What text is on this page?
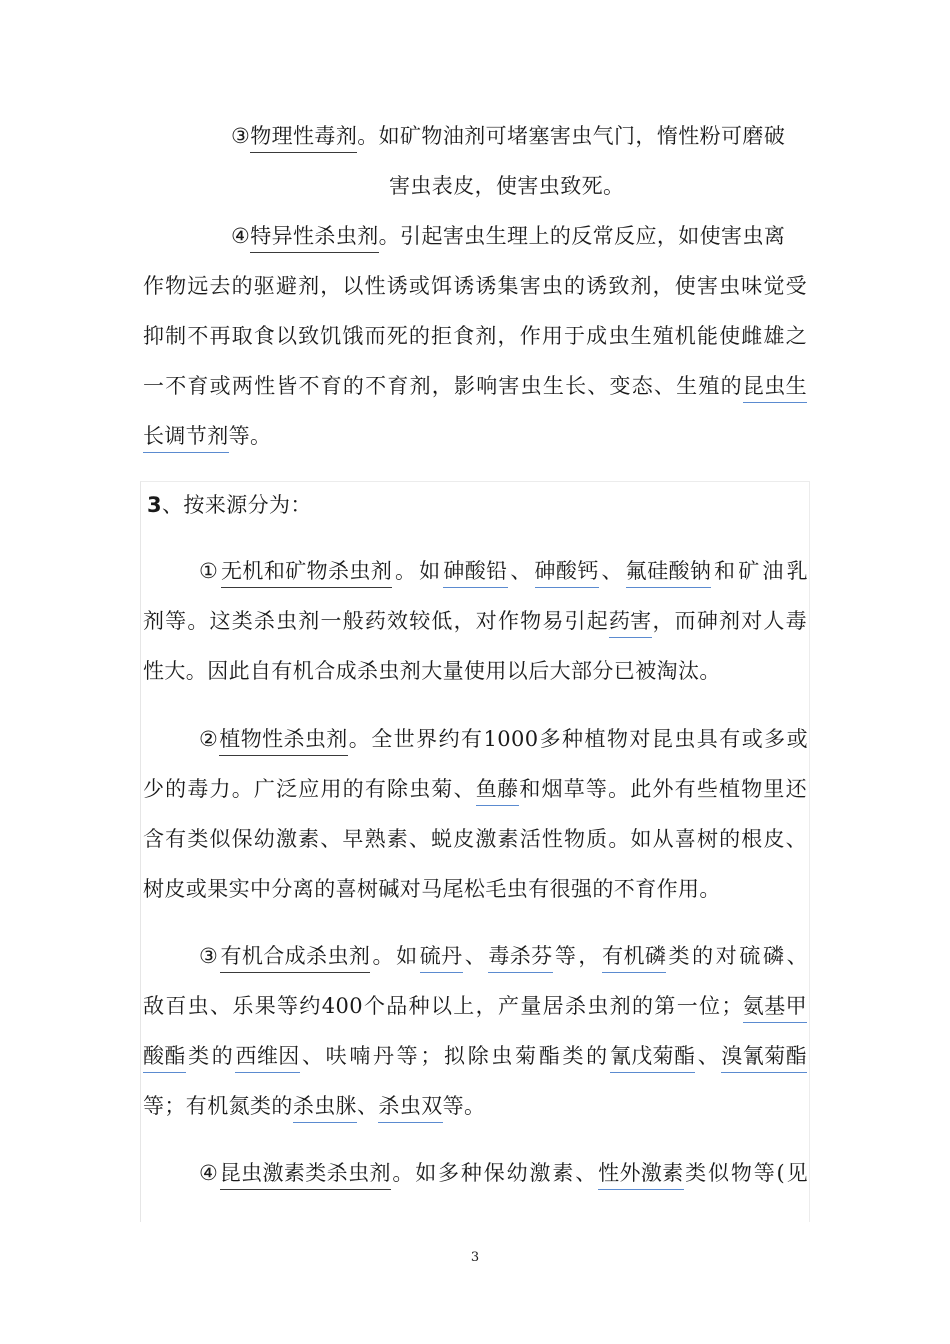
③物理性毒剂。如矿物油剂可堵塞害虫气门，惰性粉可磨破

害虫表皮，使害虫致死。

④特异性杀虫剂。引起害虫生理上的反常反应，如使害虫离

作物远去的驱避剂，以性诱或饵诱诱集害虫的诱致剂，使害虫味觉受

抑制不再取食以致饥饿而死的拒食剂，作用于成虫生殖机能使雌雄之

一不育或两性皆不育的不育剂，影响害虫生长、变态、生殖的昆虫生

长调节剂等。

3、按来源分为：

①无机和矿物杀虫剂。如砷酸铅、砷酸钙、氟硅酸钠和矿油乳

剂等。这类杀虫剂一般药效较低，对作物易引起药害，而砷剂对人毒

性大。因此自有机合成杀虫剂大量使用以后大部分已被淘汰。

②植物性杀虫剂。全世界约有1000多种植物对昆虫具有或多或

少的毒力。广泛应用的有除虫菊、鱼藤和烟草等。此外有些植物里还

含有类似保幼激素、早熟素、蜕皮激素活性物质。如从喜树的根皮、

树皮或果实中分离的喜树碱对马尾松毛虫有很强的不育作用。

③有机合成杀虫剂。如硫丹、毒杀芬等，有机磷类的对硫磷、

敌百虫、乐果等约400个品种以上，产量居杀虫剂的第一位；氨基甲

酸酯类的西维因、呋喃丹等；拟除虫菊酯类的氰戊菊酯、溴氰菊酯

等；有机氮类的杀虫脒、杀虫双等。

④昆虫激素类杀虫剂。如多种保幼激素、性外激素类似物等(见

3
